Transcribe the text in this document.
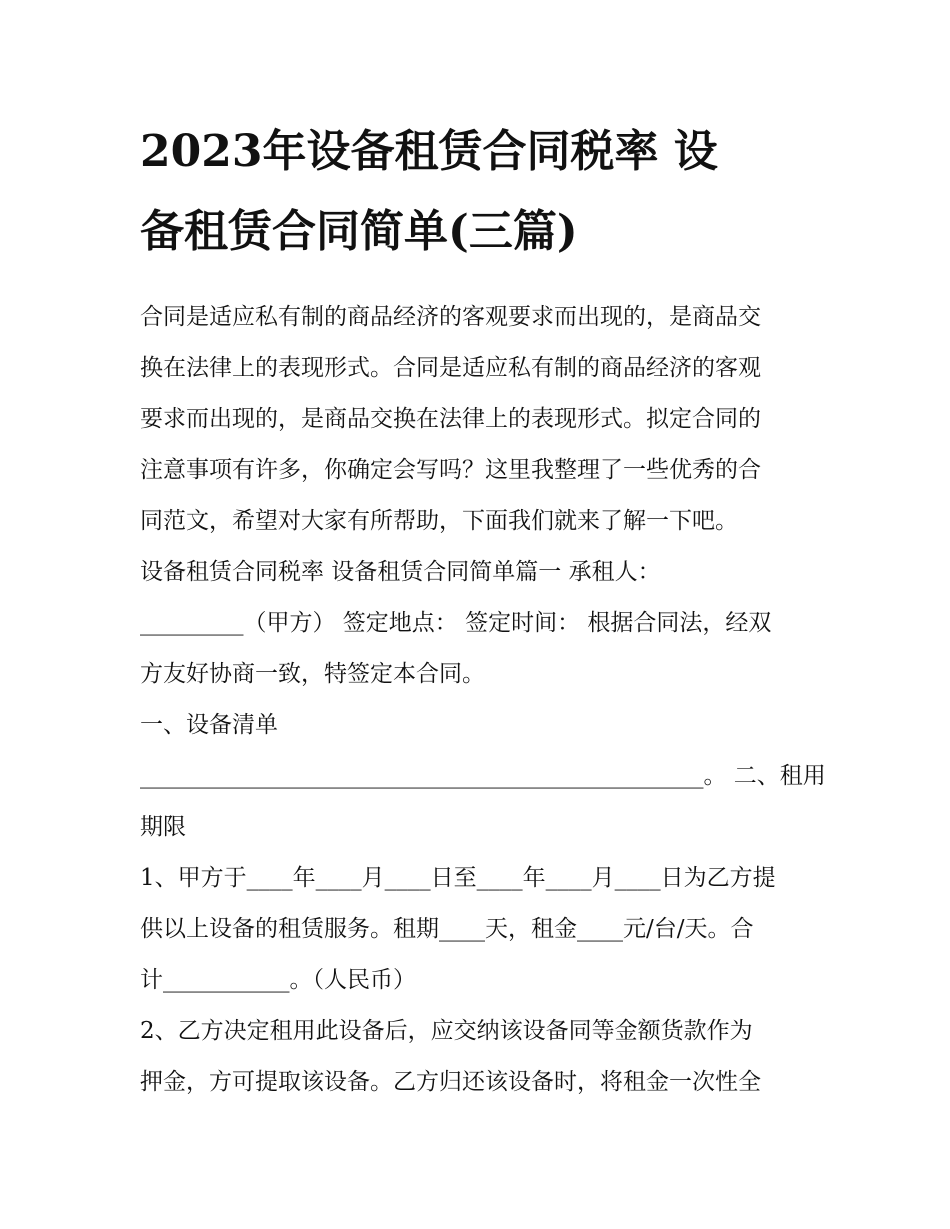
2023年设备租赁合同税率 设
备租赁合同简单(三篇)
合同是适应私有制的商品经济的客观要求而出现的，是商品交
换在法律上的表现形式。合同是适应私有制的商品经济的客观
要求而出现的，是商品交换在法律上的表现形式。拟定合同的
注意事项有许多，你确定会写吗？这里我整理了一些优秀的合
同范文，希望对大家有所帮助，下面我们就来了解一下吧。
设备租赁合同税率 设备租赁合同简单篇一 承租人：
_________（甲方） 签定地点： 签定时间： 根据合同法，经双
方友好协商一致，特签定本合同。
一、设备清单
_________________________________________________。 二、租用
期限
1、甲方于____年____月____日至____年____月____日为乙方提
供以上设备的租赁服务。租期____天，租金____元/台/天。合
计___________。（人民币）
2、乙方决定租用此设备后，应交纳该设备同等金额货款作为
押金，方可提取该设备。乙方归还该设备时，将租金一次性全
